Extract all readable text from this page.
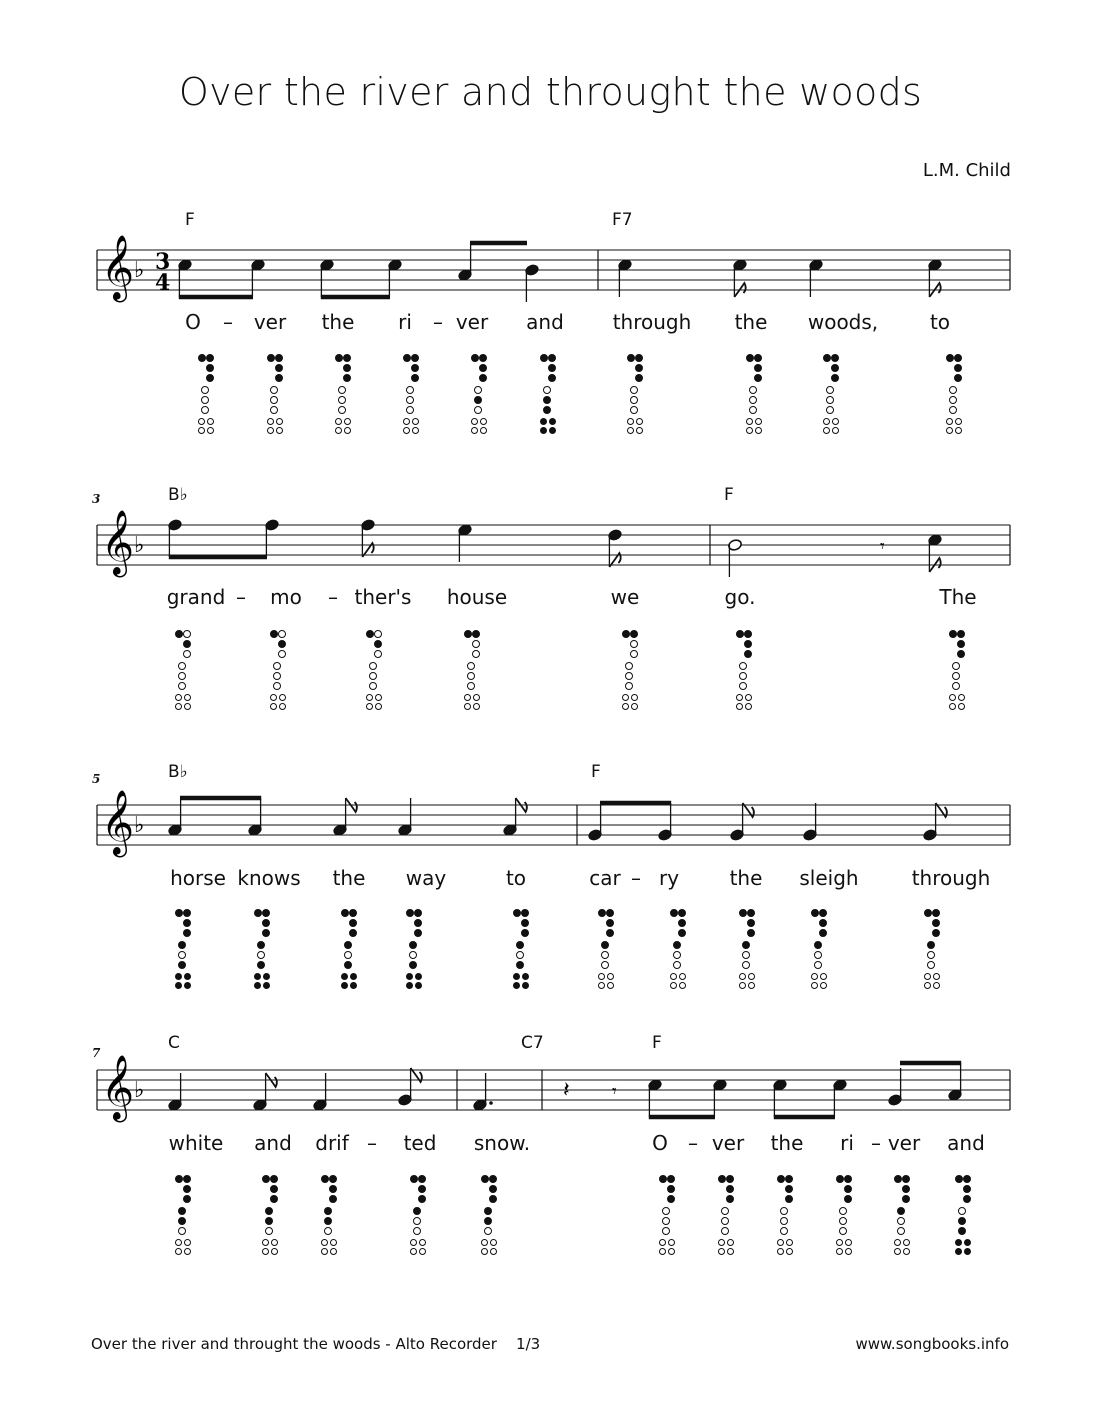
Over the river and throught the woods
L.M. Child
𝄞 ♭ 3
4
F	F7
O	ver the ri ver and through the woods,	to
–	–
𝄞 ♭	𝄾
3	B♭	F
grand mo	ther's house	we	go.	The
–	–
𝄞 ♭
5	B♭	F
horse knows the way	to	car ry	the sleigh	through
–
𝄞 ♭	𝄽 𝄾
7	C	C7	F
white and drif	ted snow.	O ver the ri ver and
–	–	–
Over the river and throught the woods - Alto Recorder    1/3	www.songbooks.info
